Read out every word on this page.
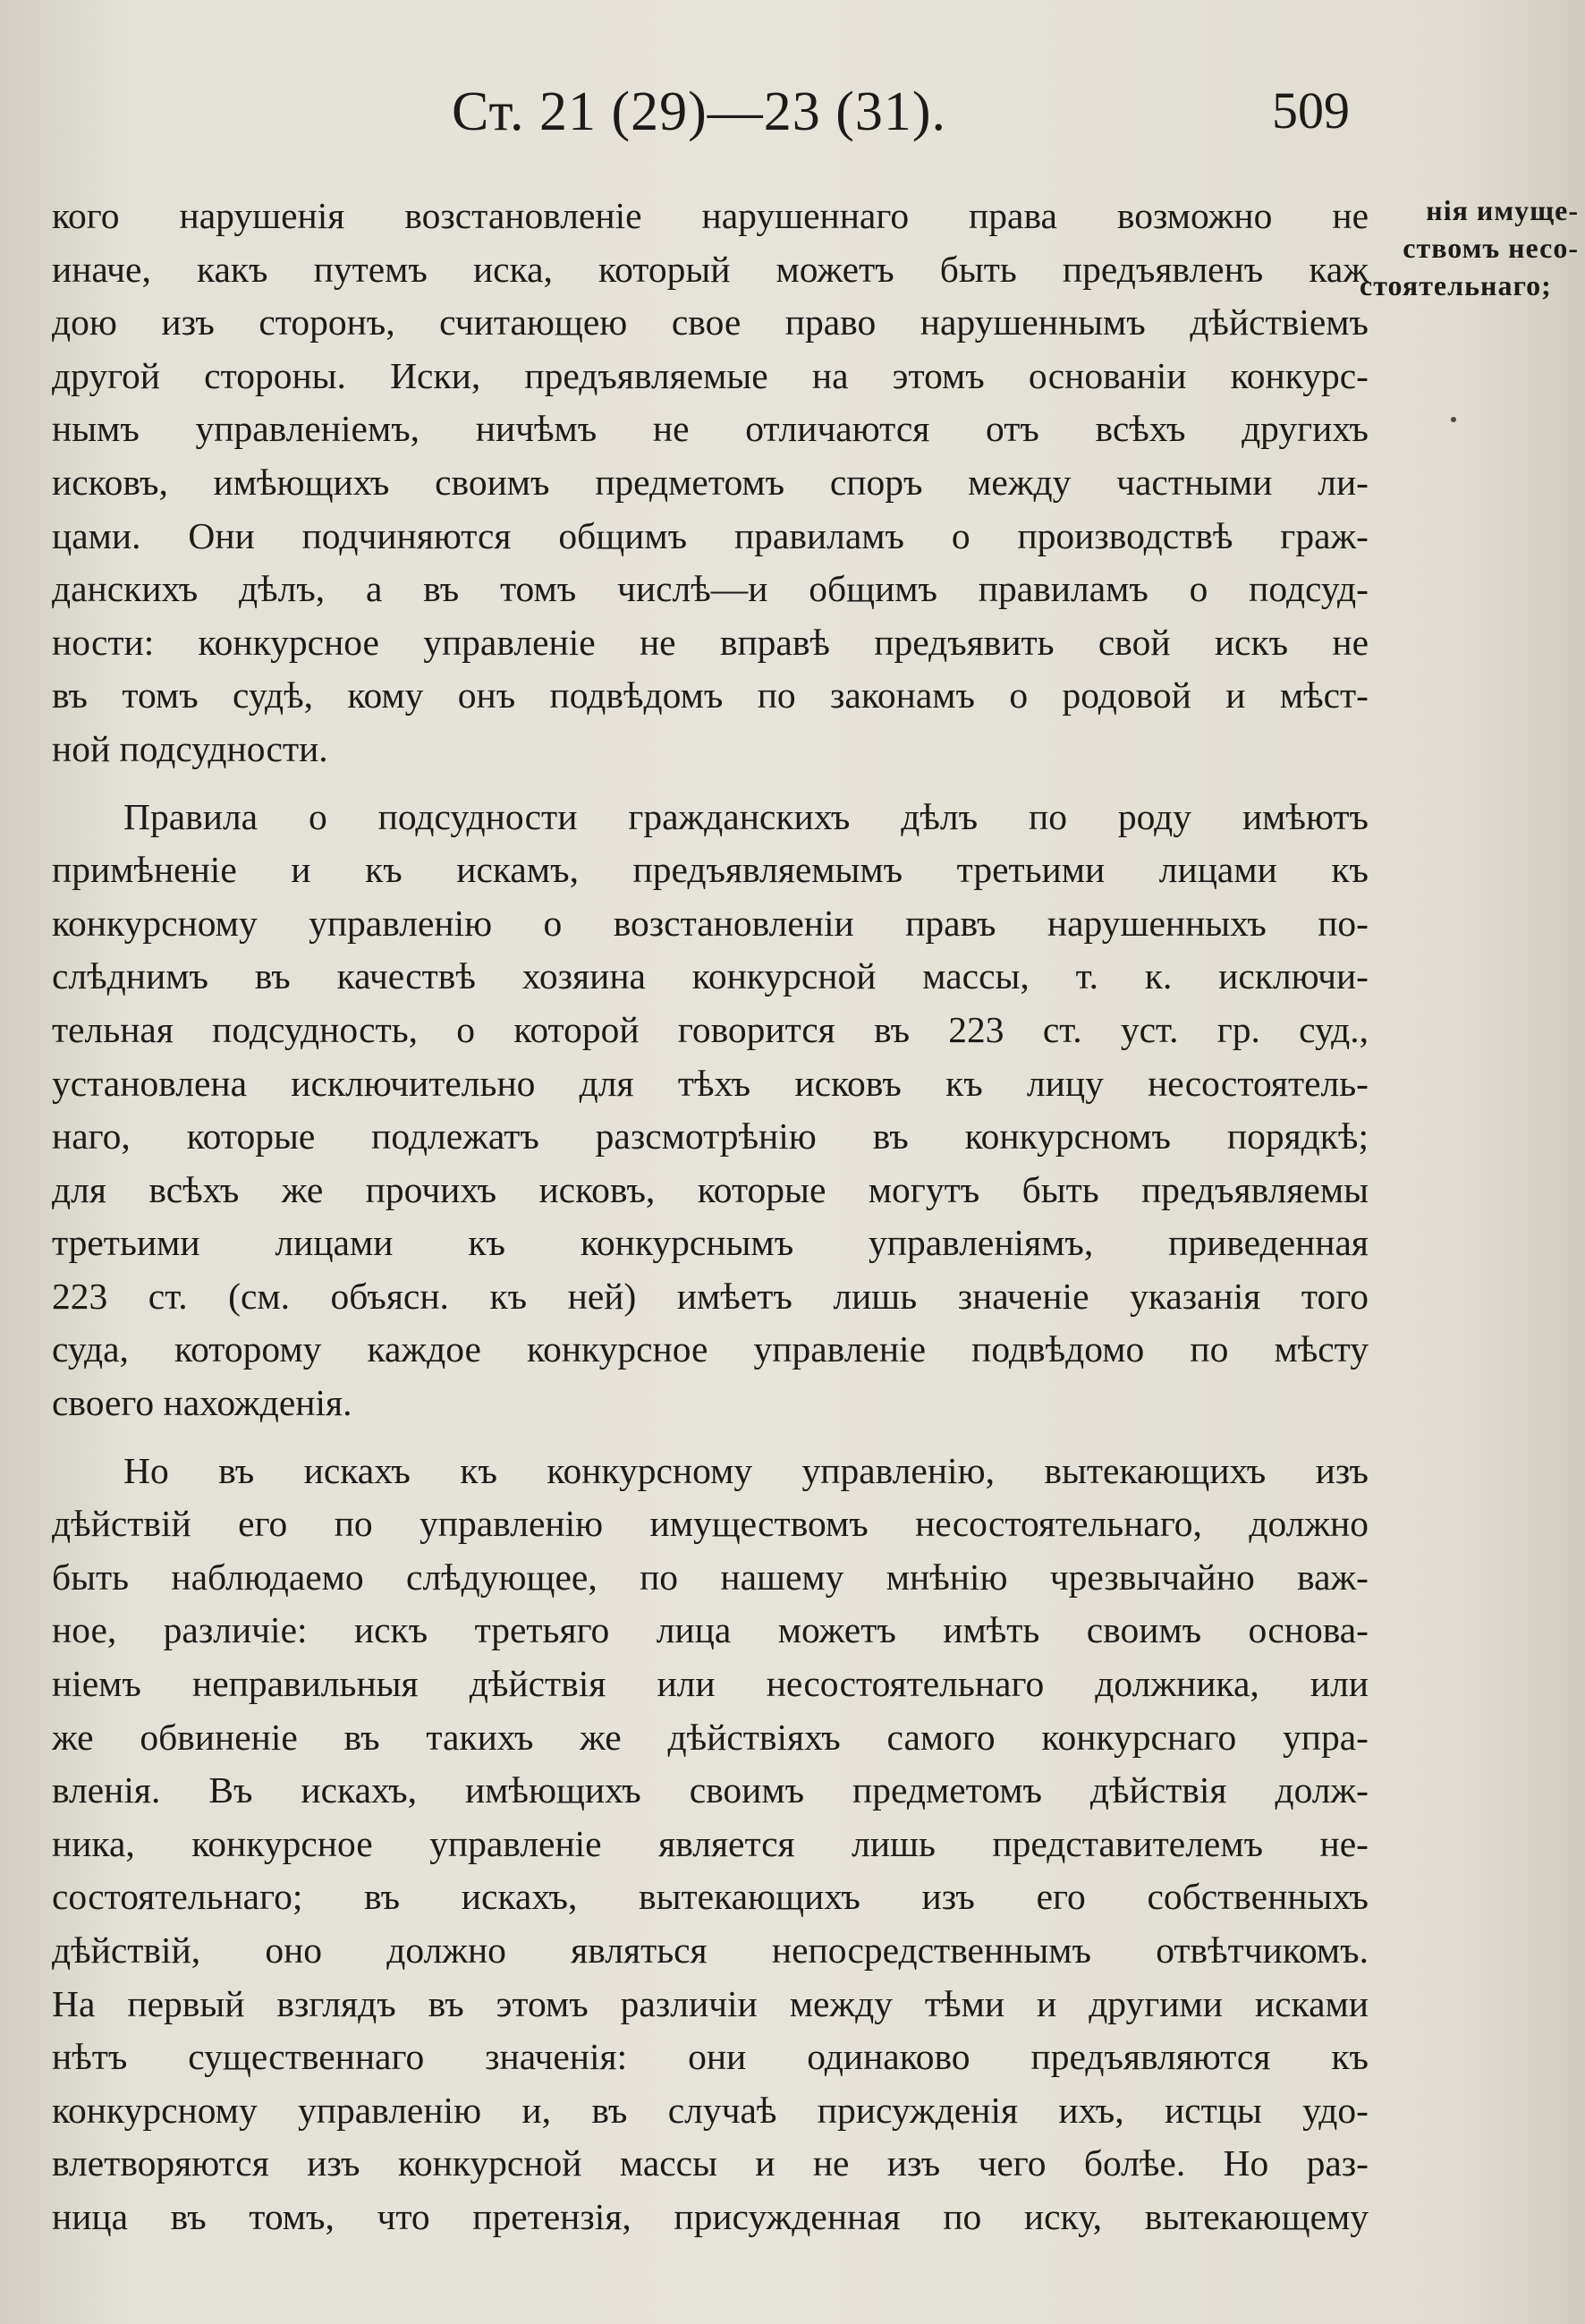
Ст. 21 (29)—23 (31).	509
нія имуще-
ствомъ несо-
стоятельнаго;
кого нарушенія возстановленіе нарушеннаго права возможно не
иначе, какъ путемъ иска, который можетъ быть предъявленъ каж
дою изъ сторонъ, считающею свое право нарушеннымъ дѣйствіемъ
другой стороны. Иски, предъявляемые на этомъ основаніи конкурс-
нымъ управленіемъ, ничѣмъ не отличаются отъ всѣхъ другихъ
исковъ, имѣющихъ своимъ предметомъ споръ между частными ли-
цами. Они подчиняются общимъ правиламъ о производствѣ граж-
данскихъ дѣлъ, а въ томъ числѣ—и общимъ правиламъ о подсуд-
ности: конкурсное управленіе не вправѣ предъявить свой искъ не
въ томъ судѣ, кому онъ подвѣдомъ по законамъ о родовой и мѣст-
ной подсудности.
Правила о подсудности гражданскихъ дѣлъ по роду имѣютъ
примѣненіе и къ искамъ, предъявляемымъ третьими лицами къ
конкурсному управленію о возстановленіи правъ нарушенныхъ по-
слѣднимъ въ качествѣ хозяина конкурсной массы, т. к. исключи-
тельная подсудность, о которой говорится въ 223 ст. уст. гр. суд.,
установлена исключительно для тѣхъ исковъ къ лицу несостоятель-
наго, которые подлежатъ разсмотрѣнію въ конкурсномъ порядкѣ;
для всѣхъ же прочихъ исковъ, которые могутъ быть предъявляемы
третьими лицами къ конкурснымъ управленіямъ, приведенная
223 ст. (см. объясн. къ ней) имѣетъ лишь значеніе указанія того
суда, которому каждое конкурсное управленіе подвѣдомо по мѣсту
своего нахожденія.
Но въ искахъ къ конкурсному управленію, вытекающихъ изъ
дѣйствій его по управленію имуществомъ несостоятельнаго, должно
быть наблюдаемо слѣдующее, по нашему мнѣнію чрезвычайно важ-
ное, различіе: искъ третьяго лица можетъ имѣть своимъ основа-
ніемъ неправильныя дѣйствія или несостоятельнаго должника, или
же обвиненіе въ такихъ же дѣйствіяхъ самого конкурснаго упра-
вленія. Въ искахъ, имѣющихъ своимъ предметомъ дѣйствія долж-
ника, конкурсное управленіе является лишь представителемъ не-
состоятельнаго; въ искахъ, вытекающихъ изъ его собственныхъ
дѣйствій, оно должно являться непосредственнымъ отвѣтчикомъ.
На первый взглядъ въ этомъ различіи между тѣми и другими исками
нѣтъ существеннаго значенія: они одинаково предъявляются къ
конкурсному управленію и, въ случаѣ присужденія ихъ, истцы удо-
влетворяются изъ конкурсной массы и не изъ чего болѣе. Но раз-
ница въ томъ, что претензія, присужденная по иску, вытекающему
